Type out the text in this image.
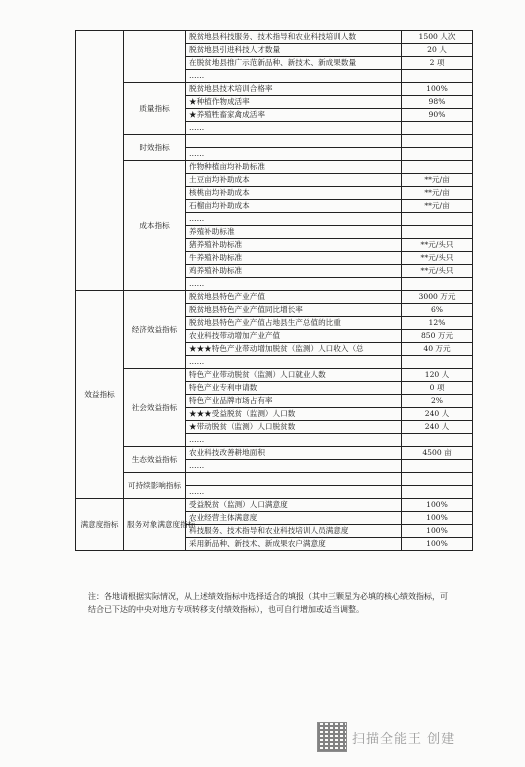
		脱贫地县科技服务、技术指导和农业科技培训人数	1500 人次
		脱贫地县引进科技人才数量	20 人
		在脱贫地县推广示范新品种、新技术、新成果数量	2 项
		……	
	质量指标	脱贫地县技术培训合格率	100%
		★种植作物成活率	98%
		★养殖牲畜家禽成活率	90%
		……	
	时效指标		
		……	
	成本指标	作物种植亩均补助标准	
		土豆亩均补助成本	**元/亩
		核桃亩均补助成本	**元/亩
		石榴亩均补助成本	**元/亩
		……	
		养殖补助标准	
		猪养殖补助标准	**元/头只
		牛养殖补助标准	**元/头只
		鸡养殖补助标准	**元/头只
		……	
效益指标	经济效益指标	脱贫地县特色产业产值	3000 万元
		脱贫地县特色产业产值同比增长率	6%
		脱贫地县特色产业产值占地县生产总值的比重	12%
		农业科技带动增加产业产值	850 万元
		★★★特色产业带动增加脱贫（监测）人口收入（总	40 万元
		……	
	社会效益指标	特色产业带动脱贫（监测）人口就业人数	120 人
		特色产业专利申请数	0 项
		特色产业品牌市场占有率	2%
		★★★受益脱贫（监测）人口数	240 人
		★带动脱贫（监测）人口脱贫数	240 人
		……	
	生态效益指标	农业科技改善耕地面积	4500 亩
		……	
	可持续影响指标		
		……	
满意度指标	服务对象满意度指标	受益脱贫（监测）人口满意度	100%
		农业经营主体满意度	100%
		科技服务、技术指导和农业科技培训人员满意度	100%
		采用新品种、新技术、新成果农户满意度	100%
注：各地请根据实际情况，从上述绩效指标中选择适合的填报（其中三颗星为必填的核心绩效指标，可结合已下达的中央对地方专项转移支付绩效指标），也可自行增加或适当调整。
扫描全能王 创建
